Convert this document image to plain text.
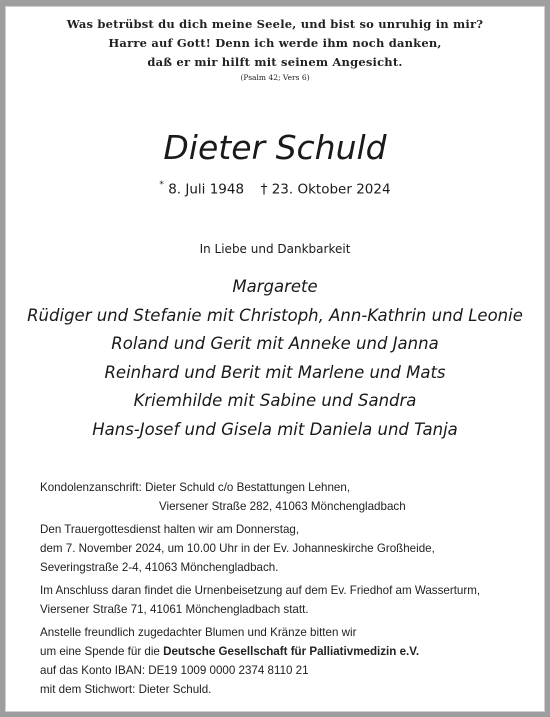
Was betrübst du dich meine Seele, und bist so unruhig in mir?
Harre auf Gott! Denn ich werde ihm noch danken,
daß er mir hilft mit seinem Angesicht.
(Psalm 42; Vers 6)
Dieter Schuld
* 8. Juli 1948 † 23. Oktober 2024
In Liebe und Dankbarkeit
Margarete
Rüdiger und Stefanie mit Christoph, Ann-Kathrin und Leonie
Roland und Gerit mit Anneke und Janna
Reinhard und Berit mit Marlene und Mats
Kriemhilde mit Sabine und Sandra
Hans-Josef und Gisela mit Daniela und Tanja

Kondolenzanschrift: Dieter Schuld c/o Bestattungen Lehnen,
Viersener Straße 282, 41063 Mönchengladbach

Den Trauergottesdienst halten wir am Donnerstag,
dem 7. November 2024, um 10.00 Uhr in der Ev. Johanneskirche Großheide,
Severingstraße 2-4, 41063 Mönchengladbach.

Im Anschluss daran findet die Urnenbeisetzung auf dem Ev. Friedhof am Wasserturm,
Viersener Straße 71, 41061 Mönchengladbach statt.

Anstelle freundlich zugedachter Blumen und Kränze bitten wir
um eine Spende für die Deutsche Gesellschaft für Palliativmedizin e.V.
auf das Konto IBAN: DE19 1009 0000 2374 8110 21
mit dem Stichwort: Dieter Schuld.
